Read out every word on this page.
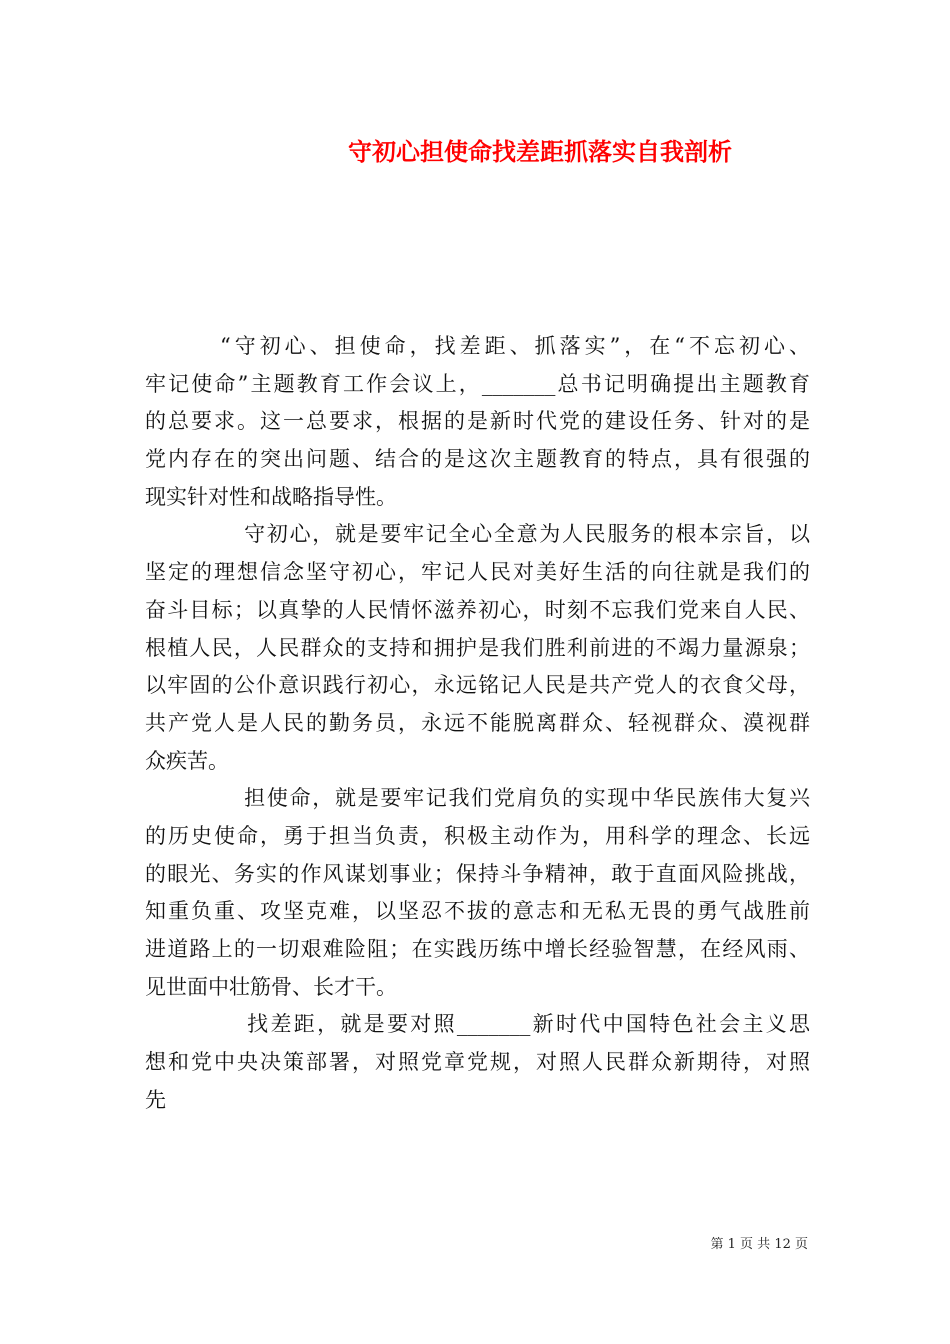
守初心担使命找差距抓落实自我剖析

　　　“守初心、担使命，找差距、抓落实”，在“不忘初心、
牢记使命”主题教育工作会议上，_______总书记明确提出主题教育
的总要求。这一总要求，根据的是新时代党的建设任务、针对的是
党内存在的突出问题、结合的是这次主题教育的特点，具有很强的
现实针对性和战略指导性。

　　　　 守初心，就是要牢记全心全意为人民服务的根本宗旨，以
坚定的理想信念坚守初心，牢记人民对美好生活的向往就是我们的
奋斗目标；以真挚的人民情怀滋养初心，时刻不忘我们党来自人民、
根植人民，人民群众的支持和拥护是我们胜利前进的不竭力量源泉；
以牢固的公仆意识践行初心，永远铭记人民是共产党人的衣食父母，
共产党人是人民的勤务员，永远不能脱离群众、轻视群众、漠视群
众疾苦。

　　　　 担使命，就是要牢记我们党肩负的实现中华民族伟大复兴
的历史使命，勇于担当负责，积极主动作为，用科学的理念、长远
的眼光、务实的作风谋划事业；保持斗争精神，敢于直面风险挑战，
知重负重、攻坚克难，以坚忍不拔的意志和无私无畏的勇气战胜前
进道路上的一切艰难险阻；在实践历练中增长经验智慧，在经风雨、
见世面中壮筋骨、长才干。

　　　　 找差距，就是要对照_______新时代中国特色社会主义思
想和党中央决策部署，对照党章党规，对照人民群众新期待，对照
先

第 1 页 共 12 页
